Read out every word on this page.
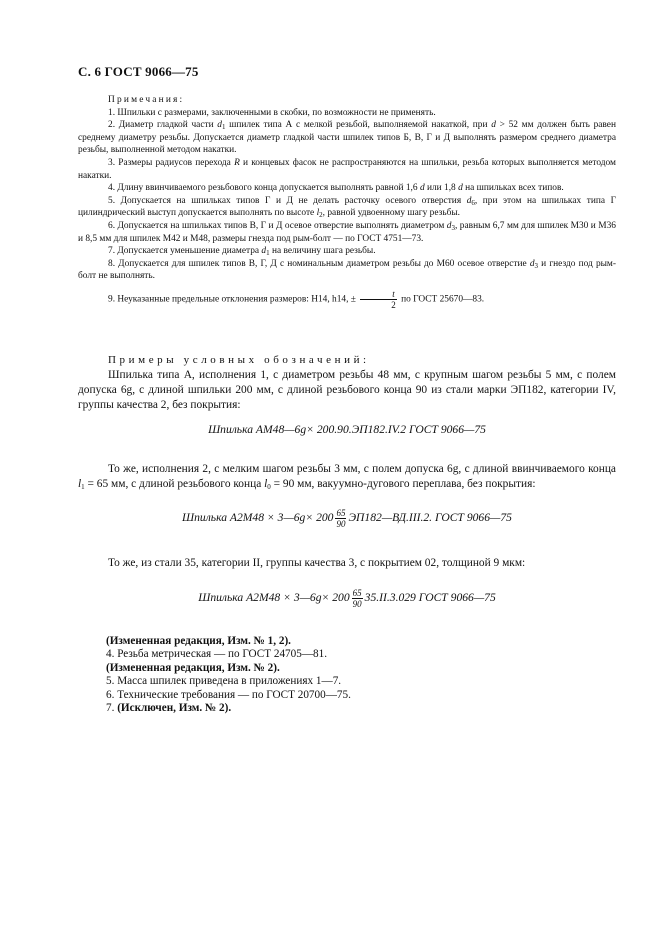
С. 6 ГОСТ 9066—75

Примечания:

1. Шпильки с размерами, заключенными в скобки, по возможности не применять.

2. Диаметр гладкой части $d_1$ шпилек типа А с мелкой резьбой, выполняемой накаткой, при d > 52 мм должен быть равен среднему диаметру резьбы. Допускается диаметр гладкой части шпилек типов Б, В, Г и Д выполнять размером среднего диаметра резьбы, выполненной методом накатки.

3. Размеры радиусов перехода R и концевых фасок не распространяются на шпильки, резьба которых выполняется методом накатки.

4. Длину ввинчиваемого резьбового конца допускается выполнять равной 1,6 d или 1,8 d на шпильках всех типов.

5. Допускается на шпильках типов Г и Д не делать расточку осевого отверстия $d_6$, при этом на шпильках типа Г цилиндрический выступ допускается выполнять по высоте $l_2$, равной удвоенному шагу резьбы.

6. Допускается на шпильках типов В, Г и Д осевое отверстие выполнять диаметром $d_3$, равным 6,7 мм для шпилек М30 и М36 и 8,5 мм для шпилек М42 и М48, размеры гнезда под рым-болт — по ГОСТ 4751—73.

7. Допускается уменьшение диаметра $d_1$ на величину шага резьбы.

8. Допускается для шпилек типов В, Г, Д с номинальным диаметром резьбы до М60 осевое отверстие $d_3$ и гнездо под рым-болт не выполнять.

9. Неуказанные предельные отклонения размеров: Н14, h14, ± $\frac{t}{2}$ по ГОСТ 25670—83.

Примеры условных обозначений:

Шпилька типа А, исполнения 1, с диаметром резьбы 48 мм, с крупным шагом резьбы 5 мм, с полем допуска 6g, с длиной шпильки 200 мм, с длиной резьбового конца 90 из стали марки ЭП182, категории IV, группы качества 2, без покрытия:

Шпилька АМ48—6g× 200.90.ЭП182.IV.2 ГОСТ 9066—75

То же, исполнения 2, с мелким шагом резьбы 3 мм, с полем допуска 6g, с длиной ввинчиваемого конца $l_1 = 65$ мм, с длиной резьбового конца $l_0 = 90$ мм, вакуумно-дугового переплава, без покрытия:

Шпилька А2М48 × 3—6g× $200 \frac{65}{90}$ ЭП182—ВД.III.2. ГОСТ 9066—75

То же, из стали 35, категории II, группы качества 3, с покрытием 02, толщиной 9 мкм:

Шпилька А2М48 × 3—6g× $200 \frac{65}{90} 35.II.3.029$ ГОСТ 9066—75

(Измененная редакция, Изм. № 1, 2).

4. Резьба метрическая — по ГОСТ 24705—81.

(Измененная редакция, Изм. № 2).

5. Масса шпилек приведена в приложениях 1—7.

6. Технические требования — по ГОСТ 20700—75.

7. (Исключен, Изм. № 2).
